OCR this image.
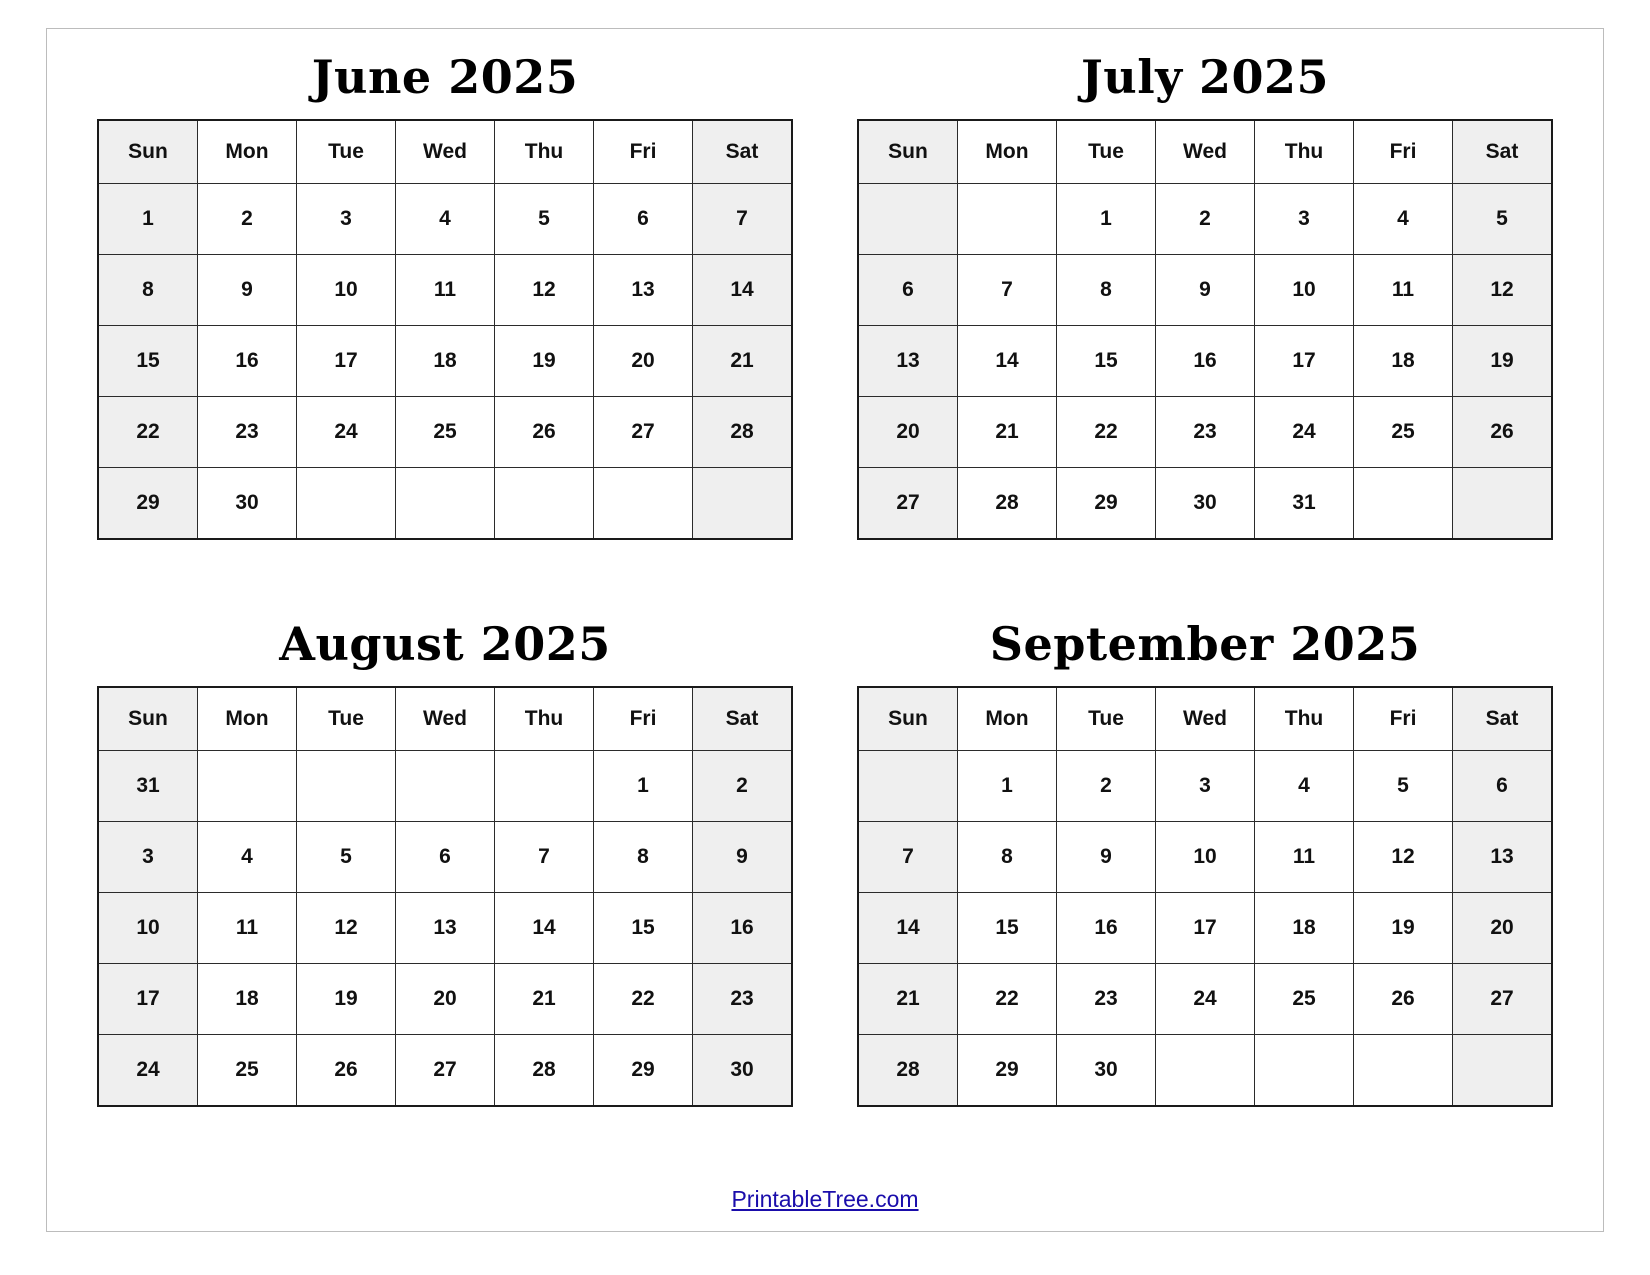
June 2025
Sun	Mon	Tue	Wed	Thu	Fri	Sat
1	2	3	4	5	6	7
8	9	10	11	12	13	14
15	16	17	18	19	20	21
22	23	24	25	26	27	28
29	30					
July 2025
Sun	Mon	Tue	Wed	Thu	Fri	Sat
		1	2	3	4	5
6	7	8	9	10	11	12
13	14	15	16	17	18	19
20	21	22	23	24	25	26
27	28	29	30	31		
August 2025
Sun	Mon	Tue	Wed	Thu	Fri	Sat
31					1	2
3	4	5	6	7	8	9
10	11	12	13	14	15	16
17	18	19	20	21	22	23
24	25	26	27	28	29	30
September 2025
Sun	Mon	Tue	Wed	Thu	Fri	Sat
	1	2	3	4	5	6
7	8	9	10	11	12	13
14	15	16	17	18	19	20
21	22	23	24	25	26	27
28	29	30				
PrintableTree.com
